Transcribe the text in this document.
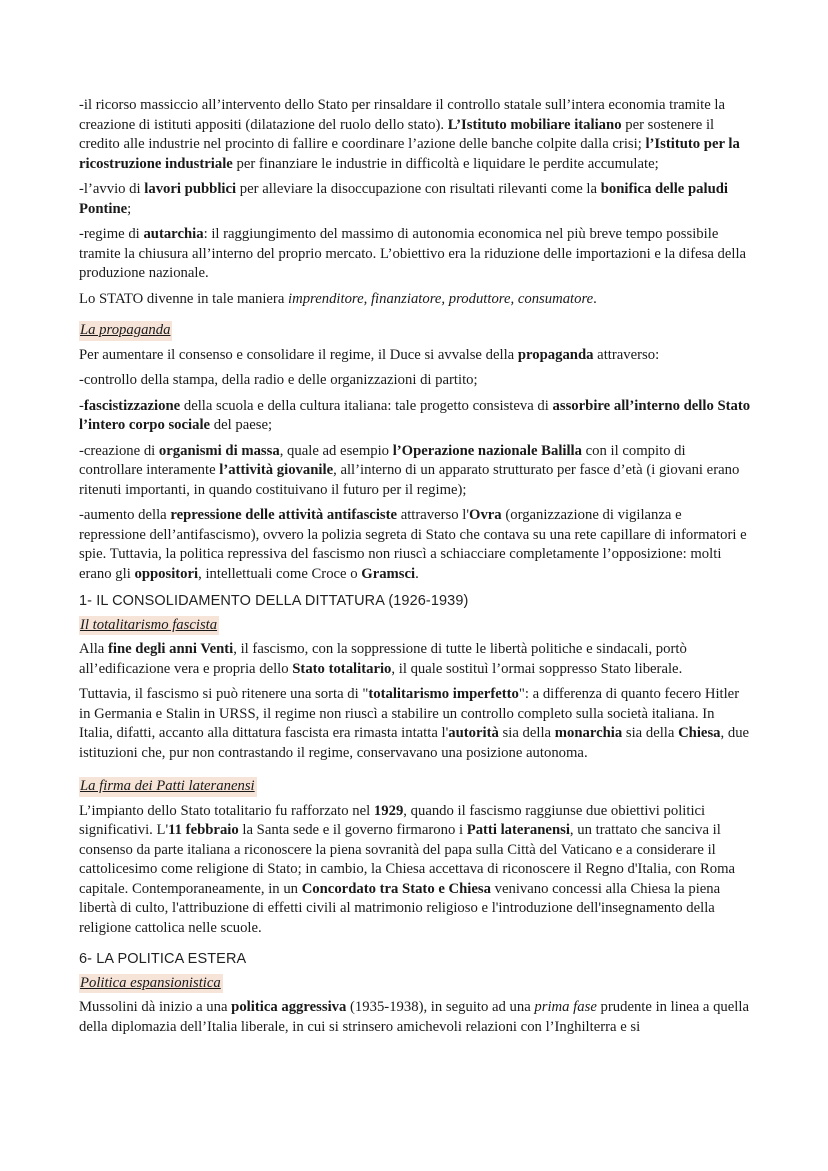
-il ricorso massiccio all’intervento dello Stato per rinsaldare il controllo statale sull’intera economia tramite la creazione di istituti appositi (dilatazione del ruolo dello stato). L’Istituto mobiliare italiano per sostenere il credito alle industrie nel procinto di fallire e coordinare l’azione delle banche colpite dalla crisi; l’Istituto per la ricostruzione industriale per finanziare le industrie in difficoltà e liquidare le perdite accumulate;

-l’avvio di lavori pubblici per alleviare la disoccupazione con risultati rilevanti come la bonifica delle paludi Pontine;

-regime di autarchia: il raggiungimento del massimo di autonomia economica nel più breve tempo possibile tramite la chiusura all’interno del proprio mercato. L’obiettivo era la riduzione delle importazioni e la difesa della produzione nazionale.

Lo STATO divenne in tale maniera imprenditore, finanziatore, produttore, consumatore.

La propaganda

Per aumentare il consenso e consolidare il regime, il Duce si avvalse della propaganda attraverso:

-controllo della stampa, della radio e delle organizzazioni di partito;

-fascistizzazione della scuola e della cultura italiana: tale progetto consisteva di assorbire all’interno dello Stato l’intero corpo sociale del paese;

-creazione di organismi di massa, quale ad esempio l’Operazione nazionale Balilla con il compito di controllare interamente l’attività giovanile, all’interno di un apparato strutturato per fasce d’età (i giovani erano ritenuti importanti, in quando costituivano il futuro per il regime);

-aumento della repressione delle attività antifasciste attraverso l'Ovra (organizzazione di vigilanza e repressione dell’antifascismo), ovvero la polizia segreta di Stato che contava su una rete capillare di informatori e spie. Tuttavia, la politica repressiva del fascismo non riuscì a schiacciare completamente l’opposizione: molti erano gli oppositori, intellettuali come Croce o Gramsci.

1- IL CONSOLIDAMENTO DELLA DITTATURA (1926-1939)
Il totalitarismo fascista

Alla fine degli anni Venti, il fascismo, con la soppressione di tutte le libertà politiche e sindacali, portò all’edificazione vera e propria dello Stato totalitario, il quale sostituì l’ormai soppresso Stato liberale.

Tuttavia, il fascismo si può ritenere una sorta di "totalitarismo imperfetto": a differenza di quanto fecero Hitler in Germania e Stalin in URSS, il regime non riuscì a stabilire un controllo completo sulla società italiana. In Italia, difatti, accanto alla dittatura fascista era rimasta intatta l'autorità sia della monarchia sia della Chiesa, due istituzioni che, pur non contrastando il regime, conservavano una posizione autonoma.

La firma dei Patti lateranensi

L’impianto dello Stato totalitario fu rafforzato nel 1929, quando il fascismo raggiunse due obiettivi politici significativi. L'11 febbraio la Santa sede e il governo firmarono i Patti lateranensi, un trattato che sanciva il consenso da parte italiana a riconoscere la piena sovranità del papa sulla Città del Vaticano e a considerare il cattolicesimo come religione di Stato; in cambio, la Chiesa accettava di riconoscere il Regno d'Italia, con Roma capitale. Contemporaneamente, in un Concordato tra Stato e Chiesa venivano concessi alla Chiesa la piena libertà di culto, l'attribuzione di effetti civili al matrimonio religioso e l'introduzione dell'insegnamento della religione cattolica nelle scuole.

6- LA POLITICA ESTERA
Politica espansionistica

Mussolini dà inizio a una politica aggressiva (1935-1938), in seguito ad una prima fase prudente in linea a quella della diplomazia dell’Italia liberale, in cui si strinsero amichevoli relazioni con l’Inghilterra e si
